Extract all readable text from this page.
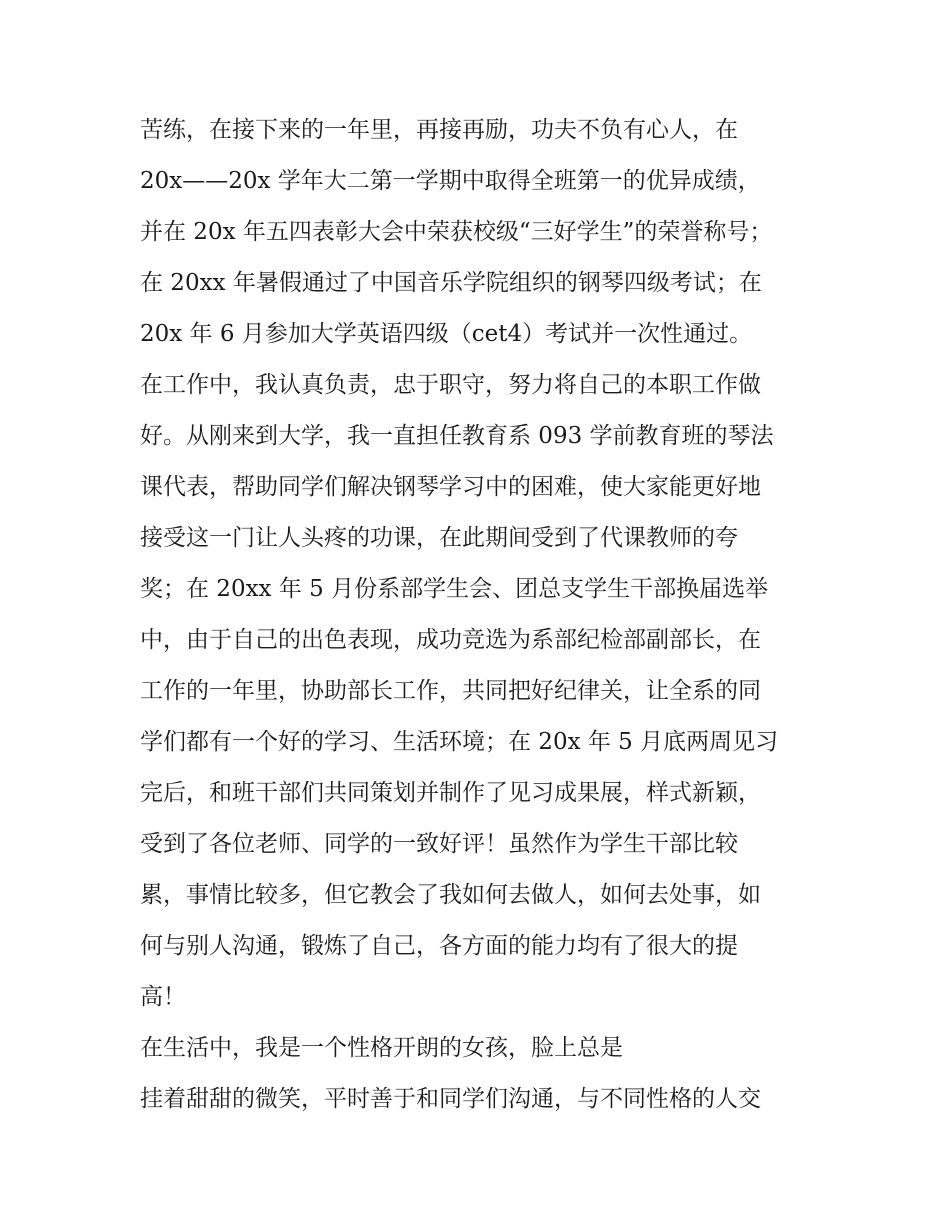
苦练，在接下来的一年里，再接再励，功夫不负有心人，在
20x——20x 学年大二第一学期中取得全班第一的优异成绩，
并在 20x 年五四表彰大会中荣获校级“三好学生”的荣誉称号；
在 20xx 年暑假通过了中国音乐学院组织的钢琴四级考试；在
20x 年 6 月参加大学英语四级（cet4）考试并一次性通过。
在工作中，我认真负责，忠于职守，努力将自己的本职工作做
好。从刚来到大学，我一直担任教育系 093 学前教育班的琴法
课代表，帮助同学们解决钢琴学习中的困难，使大家能更好地
接受这一门让人头疼的功课，在此期间受到了代课教师的夸
奖；在 20xx 年 5 月份系部学生会、团总支学生干部换届选举
中，由于自己的出色表现，成功竞选为系部纪检部副部长，在
工作的一年里，协助部长工作，共同把好纪律关，让全系的同
学们都有一个好的学习、生活环境；在 20x 年 5 月底两周见习
完后，和班干部们共同策划并制作了见习成果展，样式新颖，
受到了各位老师、同学的一致好评！虽然作为学生干部比较
累，事情比较多，但它教会了我如何去做人，如何去处事，如
何与别人沟通，锻炼了自己，各方面的能力均有了很大的提
高！
在生活中，我是一个性格开朗的女孩，脸上总是
挂着甜甜的微笑，平时善于和同学们沟通，与不同性格的人交
